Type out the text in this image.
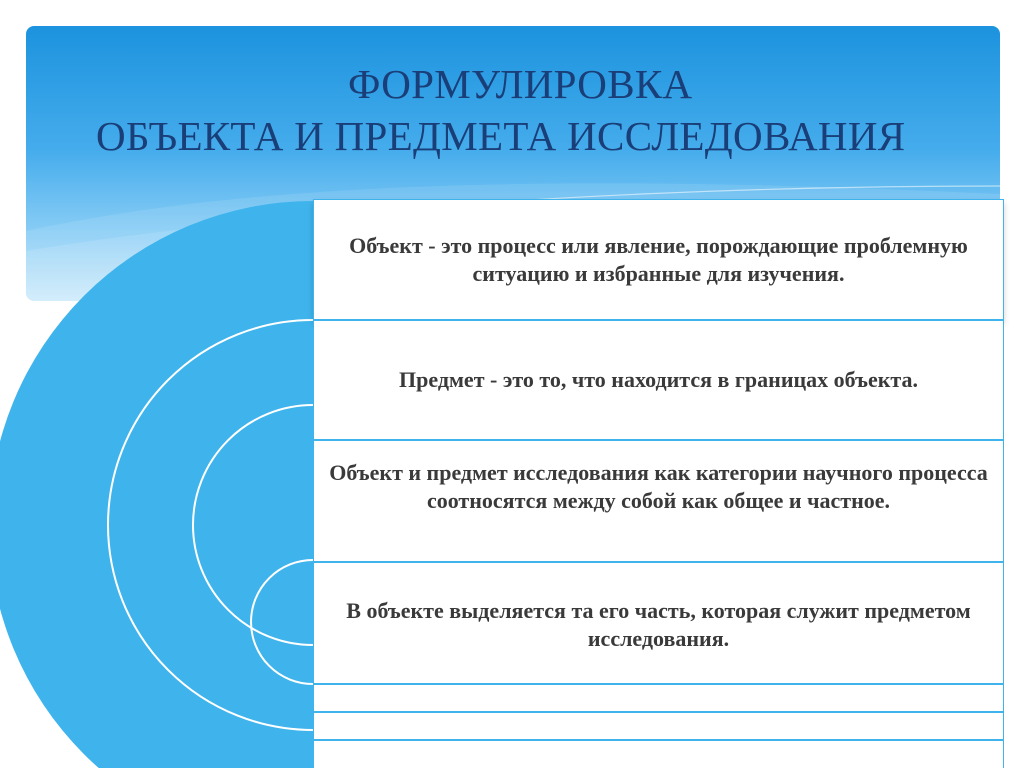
ФОРМУЛИРОВКА
ОБЪЕКТА И ПРЕДМЕТА ИССЛЕДОВАНИЯ
Объект - это процесс или явление, порождающие проблемную ситуацию и избранные для изучения.
Предмет - это то, что находится в границах объекта.
Объект и предмет исследования как категории научного процесса соотносятся между собой как общее и частное.
В объекте выделяется та его часть, которая служит предметом исследования.
